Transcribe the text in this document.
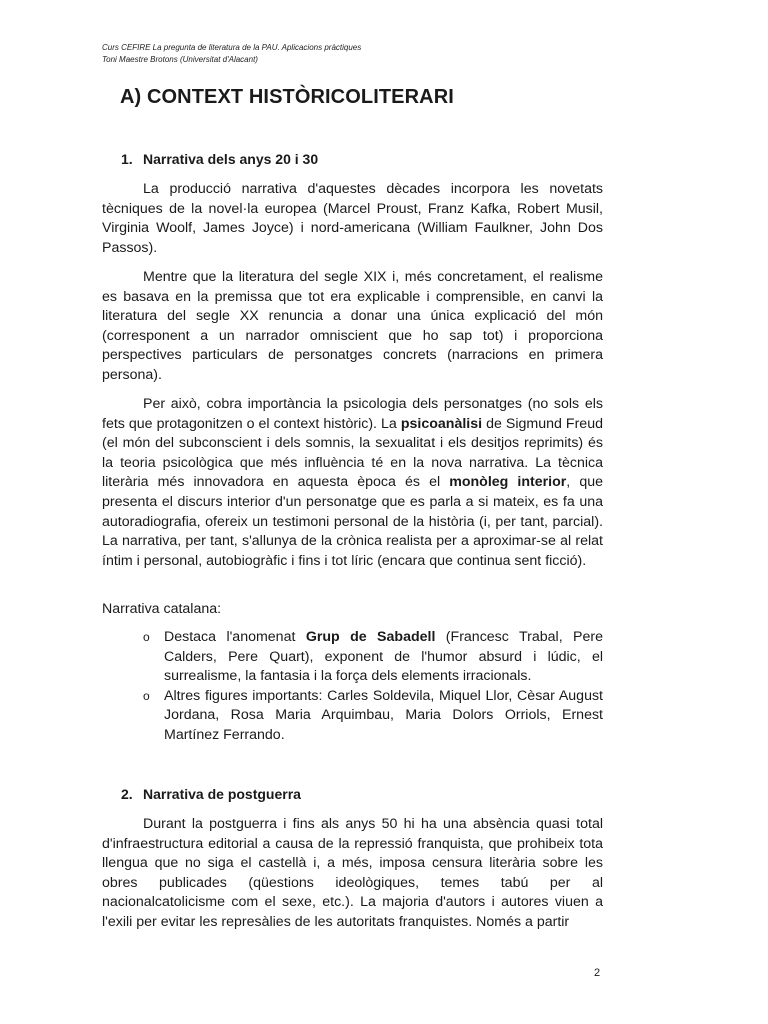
Curs CEFIRE La pregunta de literatura de la PAU. Aplicacions pràctiques
Toni Maestre Brotons (Universitat d'Alacant)
A) CONTEXT HISTÒRICOLITERARI
1. Narrativa dels anys 20 i 30

La producció narrativa d'aquestes dècades incorpora les novetats tècniques de la novel·la europea (Marcel Proust, Franz Kafka, Robert Musil, Virginia Woolf, James Joyce) i nord-americana (William Faulkner, John Dos Passos).

Mentre que la literatura del segle XIX i, més concretament, el realisme es basava en la premissa que tot era explicable i comprensible, en canvi la literatura del segle XX renuncia a donar una única explicació del món (corresponent a un narrador omniscient que ho sap tot) i proporciona perspectives particulars de personatges concrets (narracions en primera persona).

Per això, cobra importància la psicologia dels personatges (no sols els fets que protagonitzen o el context històric). La psicoanàlisi de Sigmund Freud (el món del subconscient i dels somnis, la sexualitat i els desitjos reprimits) és la teoria psicològica que més influència té en la nova narrativa. La tècnica literària més innovadora en aquesta època és el monòleg interior, que presenta el discurs interior d'un personatge que es parla a si mateix, es fa una autoradiografia, ofereix un testimoni personal de la història (i, per tant, parcial). La narrativa, per tant, s'allunya de la crònica realista per a aproximar-se al relat íntim i personal, autobiogràfic i fins i tot líric (encara que continua sent ficció).

Narrativa catalana:

o Destaca l'anomenat Grup de Sabadell (Francesc Trabal, Pere Calders, Pere Quart), exponent de l'humor absurd i lúdic, el surrealisme, la fantasia i la força dels elements irracionals.
o Altres figures importants: Carles Soldevila, Miquel Llor, Cèsar August Jordana, Rosa Maria Arquimbau, Maria Dolors Orriols, Ernest Martínez Ferrando.
2. Narrativa de postguerra

Durant la postguerra i fins als anys 50 hi ha una absència quasi total d'infraestructura editorial a causa de la repressió franquista, que prohibeix tota llengua que no siga el castellà i, a més, imposa censura literària sobre les obres publicades (qüestions ideològiques, temes tabú per al nacionalcatolicisme com el sexe, etc.). La majoria d'autors i autores viuen a l'exili per evitar les represàlies de les autoritats franquistes. Només a partir

2
